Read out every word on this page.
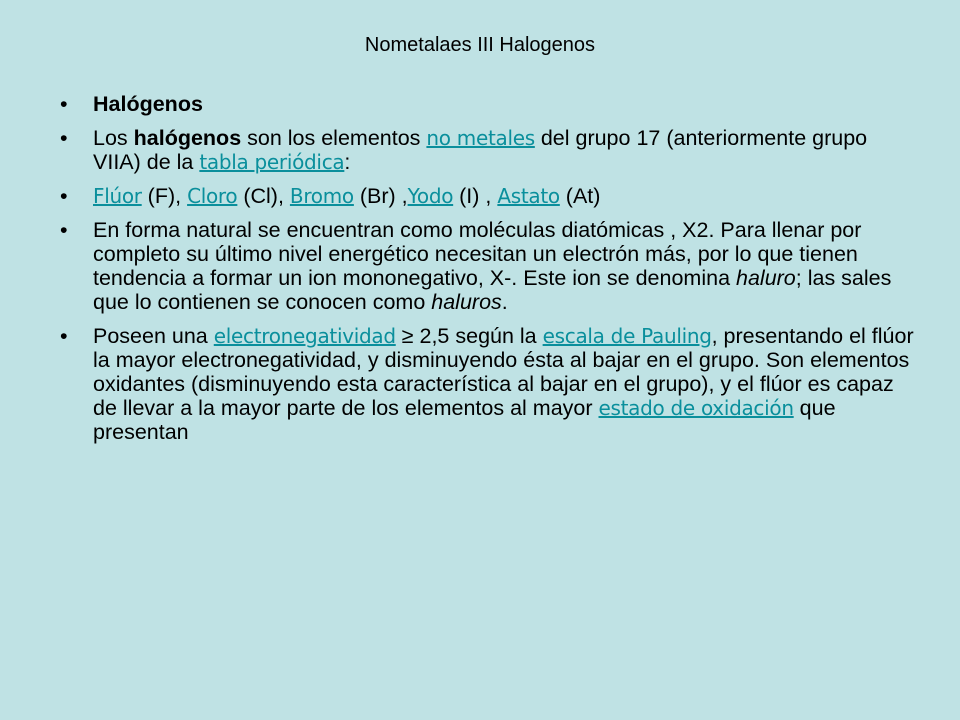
Nometalaes III Halogenos
• Halógenos
• Los halógenos son los elementos no metales del grupo 17 (anteriormente grupo VIIA) de la tabla periódica:
• Flúor (F), Cloro (Cl), Bromo (Br) ,Yodo (I) , Astato (At)
• En forma natural se encuentran como moléculas diatómicas , X2. Para llenar por completo su último nivel energético necesitan un electrón más, por lo que tienen tendencia a formar un ion mononegativo, X-. Este ion se denomina haluro; las sales que lo contienen se conocen como haluros.
• Poseen una electronegatividad ≥ 2,5 según la escala de Pauling, presentando el flúor la mayor electronegatividad, y disminuyendo ésta al bajar en el grupo. Son elementos oxidantes (disminuyendo esta característica al bajar en el grupo), y el flúor es capaz de llevar a la mayor parte de los elementos al mayor estado de oxidación que presentan
